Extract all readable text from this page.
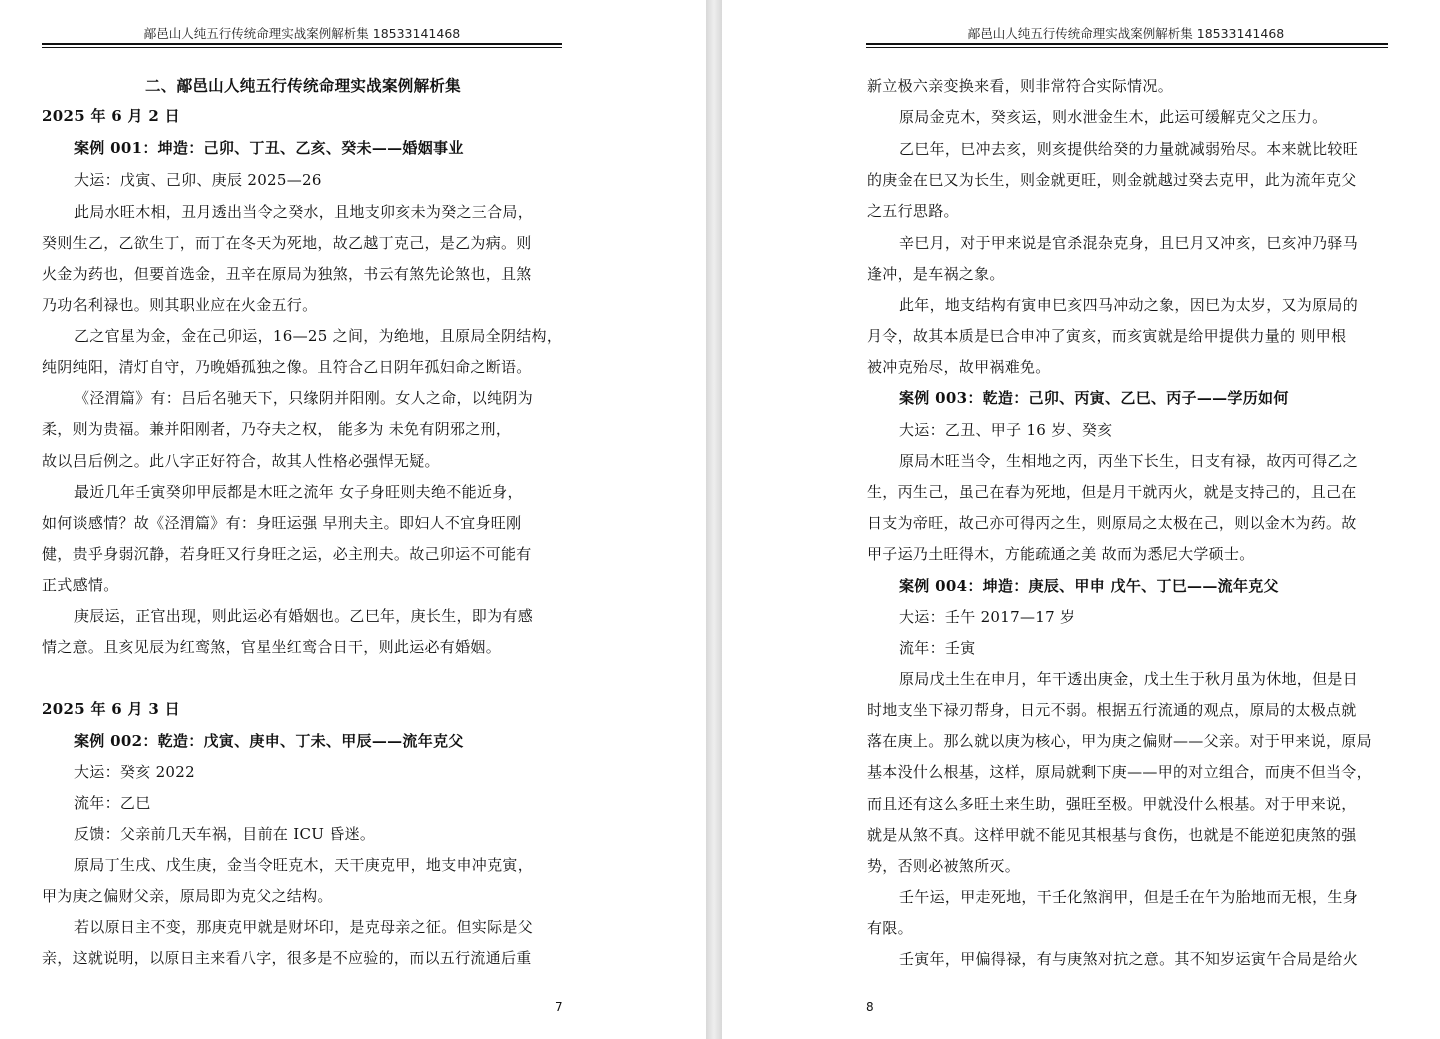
鄗邑山人纯五行传统命理实战案例解析集 18533141468
二、鄗邑山人纯五行传统命理实战案例解析集
2025 年 6 月 2 日
案例 001：坤造：己卯、丁丑、乙亥、癸未——婚姻事业
大运：戊寅、己卯、庚辰 2025—26
此局水旺木相，丑月透出当令之癸水，且地支卯亥未为癸之三合局，
癸则生乙，乙欲生丁，而丁在冬天为死地，故乙越丁克己，是乙为病。则
火金为药也，但要首选金，丑辛在原局为独煞，书云有煞先论煞也，且煞
乃功名利禄也。则其职业应在火金五行。
乙之官星为金，金在己卯运，16—25 之间，为绝地，且原局全阴结构，
纯阴纯阳，清灯自守，乃晚婚孤独之像。且符合乙日阴年孤妇命之断语。
《泾渭篇》有：吕后名驰天下，只缘阴并阳刚。女人之命，以纯阴为
柔，则为贵福。兼并阳刚者，乃夺夫之权， 能多为 未免有阴邪之刑，
故以吕后例之。此八字正好符合，故其人性格必强悍无疑。
最近几年壬寅癸卯甲辰都是木旺之流年 女子身旺则夫绝不能近身，
如何谈感情？故《泾渭篇》有：身旺运强 早刑夫主。即妇人不宜身旺刚
健，贵乎身弱沉静，若身旺又行身旺之运，必主刑夫。故己卯运不可能有
正式感情。
庚辰运，正官出现，则此运必有婚姻也。乙巳年，庚长生，即为有感
情之意。且亥见辰为红鸾煞，官星坐红鸾合日干，则此运必有婚姻。
2025 年 6 月 3 日
案例 002：乾造：戊寅、庚申、丁未、甲辰——流年克父
大运：癸亥 2022
流年：乙巳
反馈：父亲前几天车祸，目前在 ICU 昏迷。
原局丁生戌、戊生庚，金当令旺克木，天干庚克甲，地支申冲克寅，
甲为庚之偏财父亲，原局即为克父之结构。
若以原日主不变，那庚克甲就是财坏印，是克母亲之征。但实际是父
亲，这就说明，以原日主来看八字，很多是不应验的，而以五行流通后重
7
鄗邑山人纯五行传统命理实战案例解析集 18533141468
新立极六亲变换来看，则非常符合实际情况。
原局金克木，癸亥运，则水泄金生木，此运可缓解克父之压力。
乙巳年，巳冲去亥，则亥提供给癸的力量就减弱殆尽。本来就比较旺
的庚金在巳又为长生，则金就更旺，则金就越过癸去克甲，此为流年克父
之五行思路。
辛巳月，对于甲来说是官杀混杂克身，且巳月又冲亥，巳亥冲乃驿马
逢冲，是车祸之象。
此年，地支结构有寅申巳亥四马冲动之象，因巳为太岁，又为原局的
月令，故其本质是巳合申冲了寅亥，而亥寅就是给甲提供力量的 则甲根
被冲克殆尽，故甲祸难免。
案例 003：乾造：己卯、丙寅、乙巳、丙子——学历如何
大运：乙丑、甲子 16 岁、癸亥
原局木旺当令，生相地之丙，丙坐下长生，日支有禄，故丙可得乙之
生，丙生己，虽己在春为死地，但是月干就丙火，就是支持己的，且己在
日支为帝旺，故己亦可得丙之生，则原局之太极在己，则以金木为药。故
甲子运乃土旺得木，方能疏通之美 故而为悉尼大学硕士。
案例 004：坤造：庚辰、甲申 戊午、丁巳——流年克父
大运：壬午 2017—17 岁
流年：壬寅
原局戊土生在申月，年干透出庚金，戊土生于秋月虽为休地，但是日
时地支坐下禄刃帮身，日元不弱。根据五行流通的观点，原局的太极点就
落在庚上。那么就以庚为核心，甲为庚之偏财——父亲。对于甲来说，原局
基本没什么根基，这样，原局就剩下庚——甲的对立组合，而庚不但当令，
而且还有这么多旺土来生助，强旺至极。甲就没什么根基。对于甲来说，
就是从煞不真。这样甲就不能见其根基与食伤，也就是不能逆犯庚煞的强
势，否则必被煞所灭。
壬午运，甲走死地，干壬化煞润甲，但是壬在午为胎地而无根，生身
有限。
壬寅年，甲偏得禄，有与庚煞对抗之意。其不知岁运寅午合局是给火
8
